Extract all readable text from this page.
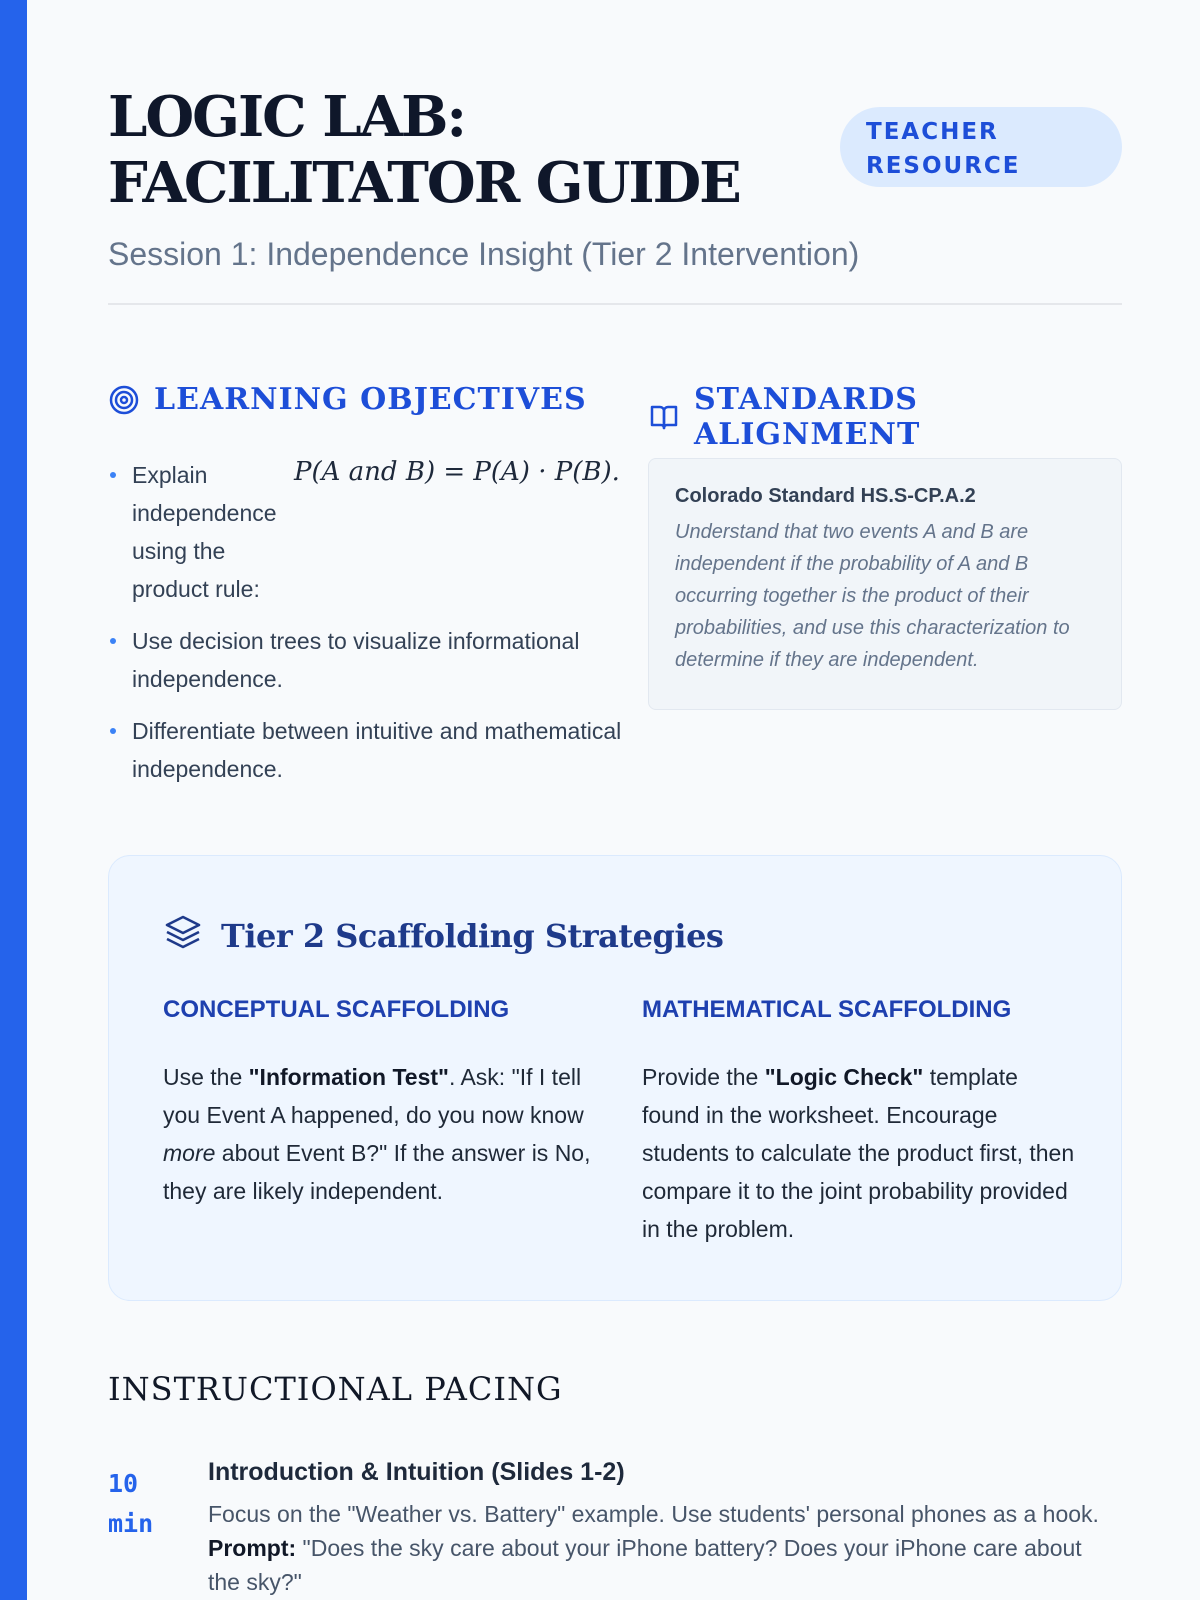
LOGIC LAB: FACILITATOR GUIDE
TEACHER
RESOURCE
Session 1: Independence Insight (Tier 2 Intervention)
LEARNING OBJECTIVES	STANDARDS ALIGNMENT
Explain independence using the product rule:
P(A and B) = P(A) · P(B).
Use decision trees to visualize informational independence.
Differentiate between intuitive and mathematical independence.
Colorado Standard HS.S-CP.A.2
Understand that two events A and B are independent if the probability of A and B occurring together is the product of their probabilities, and use this characterization to determine if they are independent.
Tier 2 Scaffolding Strategies
CONCEPTUAL SCAFFOLDING

Use the "Information Test". Ask: "If I tell you Event A happened, do you now know more about Event B?" If the answer is No, they are likely independent.

MATHEMATICAL SCAFFOLDING

Provide the "Logic Check" template found in the worksheet. Encourage students to calculate the product first, then compare it to the joint probability provided in the problem.

INSTRUCTIONAL PACING
10
min
Introduction & Intuition (Slides 1-2)
Focus on the "Weather vs. Battery" example. Use students' personal phones as a hook. Prompt: "Does the sky care about your iPhone battery? Does your iPhone care about the sky?"
